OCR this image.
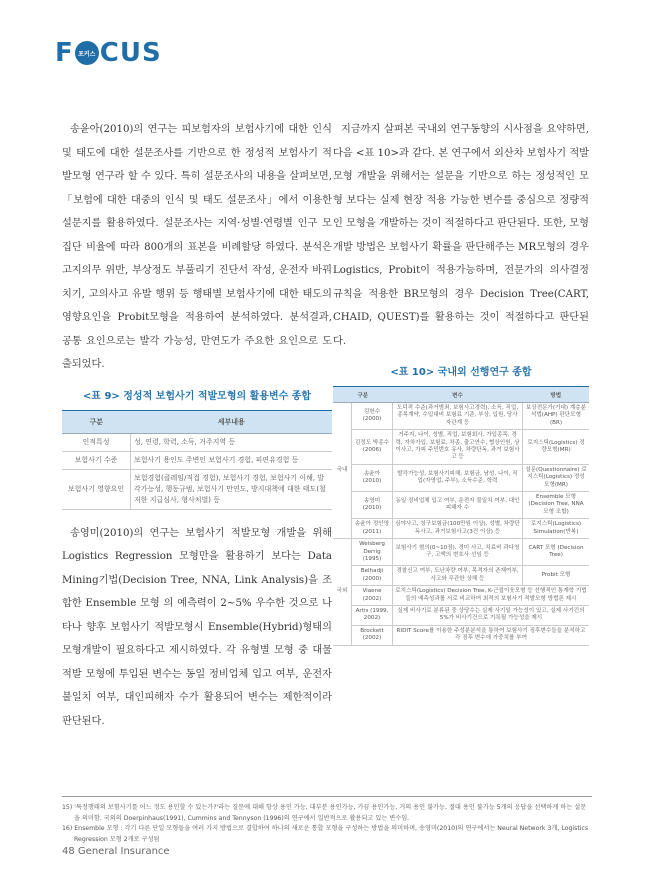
F 포커스 CUS

송윤아(2010)의 연구는 피보험자의 보험사기에 대한 인식 및 태도에 대한 설문조사를 기반으로 한 정성적 보험사기 적발모형 연구라 할 수 있다. 특히 설문조사의 내용을 살펴보면, 「보험에 대한 대중의 인식 및 태도 설문조사」에서 이용한 설문지를 활용하였다. 설문조사는 지역·성별·연령별 인구 모집단 비율에 따라 800개의 표본을 비례할당 하였다. 분석은 고지의무 위반, 부상정도 부풀리기 진단서 작성, 운전자 바꿔치기, 고의사고 유발 행위 등 행태별 보험사기에 대한 태도의 영향요인을 Probit모형을 적용하여 분석하였다. 분석결과, 공통 요인으로는 발각 가능성, 만연도가 주요한 요인으로 도출되었다.

<표 9> 정성적 보험사기 적발모형의 활용변수 종합
구분	세부내용
인적특성	성, 연령, 학력, 소득, 거주지역 등
보험사기 수준	보험사기 용인도 주변인 보험사기 경험, 피편유경험 등
보험사기 영향요인	보험경험(클레임/직접 경험), 보험사기 경험, 보험사기 이해, 발각가능성, 행동규범, 보험사기 만연도, 방지대책에 대한 태도(철저한 지급심사, 형사처벌) 등

송영미(2010)의 연구는 보험사기 적발모형 개발을 위해 Logistics Regression 모형만을 활용하기 보다는 Data Mining기법(Decision Tree, NNA, Link Analysis)을 조합한 Ensemble 모형 의 예측력이 2~5% 우수한 것으로 나타나 향후 보험사기 적발모형시 Ensemble(Hybrid)형태의 모형개발이 필요하다고 제시하였다. 각 유형별 모형 중 대물 적발 모형에 투입된 변수는 동일 정비업체 입고 여부, 운전자 불일치 여부, 대인피해자 수가 활용되어 변수는 제한적이라 판단된다.

지금까지 살펴본 국내외 연구동향의 시사점을 요약하면, 다음 <표 10>과 같다. 본 연구에서 외산차 보험사기 적발모형 개발을 위해서는 설문을 기반으로 하는 정성적인 모형 보다는 실제 현장 적용 가능한 변수를 중심으로 정량적인 모형을 개발하는 것이 적절하다고 판단된다. 또한, 모형개발 방법은 보험사기 확률을 판단해주는 MR모형의 경우 Logistics, Probit이 적용가능하며, 전문가의 의사결정 규칙을 적용한 BR모형의 경우 Decision Tree(CART, CHAID, QUEST)를 활용하는 것이 적절하다고 판단된다.

<표 10> 국내외 선행연구 종합
구분		변수	방법
국내	김헌수 (2000)	도덕적 수준(과거범죄, 보험사고경력), 소득, 직업, 종목계약, 수입대비 보험료 기준, 부상, 입원, 당사자관계 등	보상전문가(기대) 계층분석법(AHP) 판단모형(BR)
	김정도 박종수 (2006)	거주지, 나이, 성별, 직업, 보험회사, 가입종목, 경력, 자차가입, 보험료, 차종, 출고연수, 협상인원, 상이사고, 가피 주민번호 유사, 차량단독, 과거 보험사고 등	로지스틱(Logistics) 정량모형(MR)
	송윤아 (2010)	발각가능성, 보험사기피해, 보험금, 남성, 나이, 직업(자영업, 주부), 소득수준, 학력	설문(Questionnaire) 로지스틱(Logistics) 정성모형(MR)
	송영미 (2010)	동일 정비업체 입고 여부, 운전자 불일치 여부, 대인피해자 수	Ensemble 모형 (Decision Tree, NNA 모형 조합)
	송윤아 정인영 (2011)	심야사고, 청구보험금(100만원 이상), 성별, 차량단독사고, 과거보험사고(3건 이상) 등	로지스틱(Logistics) Simulation(반복)
국외	Weisberg Derrig (1995)	보험사기 혐의(0~10점), 경미 사고, 치료비 과다청구, 고액의 변호사 선임 등	CART 모형 (Decision Tree)
	Belhadji (2000)	경찰신고 여부, 도난차량 여부, 목격자의 존재여부, 사고와 무관한 상해 등	Probit 모형
	Viaene (2002)	로지스틱(Logistics) Decision Tree, K-근접이웃모형 등 선행적인 통계학 기법들의 예측성과를 서로 비교하여 최적의 보험사기 적발모형 방법론 제시	
	Artis (1999, 2002)	실제 비사기로 분류된 중 상당수는 실제 사기일 가능성이 있고, 실제 사기건의 5%가 비사기건으로 기록될 가능성을 제시	
	Brockett (2002)	RIDIT Score를 이용한 주성분분석을 통하여 보험사기 징후변수들을 분석하고 각 징후 변수에 가중치를 부여	

15) '특정행태의 보험사기를 어느 정도 용인할 수 있는가?'라는 질문에 대해 항상 용인 가능, 대부분 용인가능, 가끔 용인가능, 거의 용인 불가능, 절대 용인 불가능 5개의 응답을 선택하게 하는 설문을 의미함. 국외의 Doerpinhaus(1991), Cummins and Tennyson (1996)의 연구에서 일반적으로 활용되고 있는 변수임.

16) Ensemble 모형 : 각기 다른 단일 모형들을 여러 가지 방법으로 결합하여 하나의 새로운 통합 모형을 구성하는 방법을 의미하며, 송영미(2010)의 연구에서는 Neural Network 3개, Logistics Regression 모형 2개로 구성됨

48 General Insurance
